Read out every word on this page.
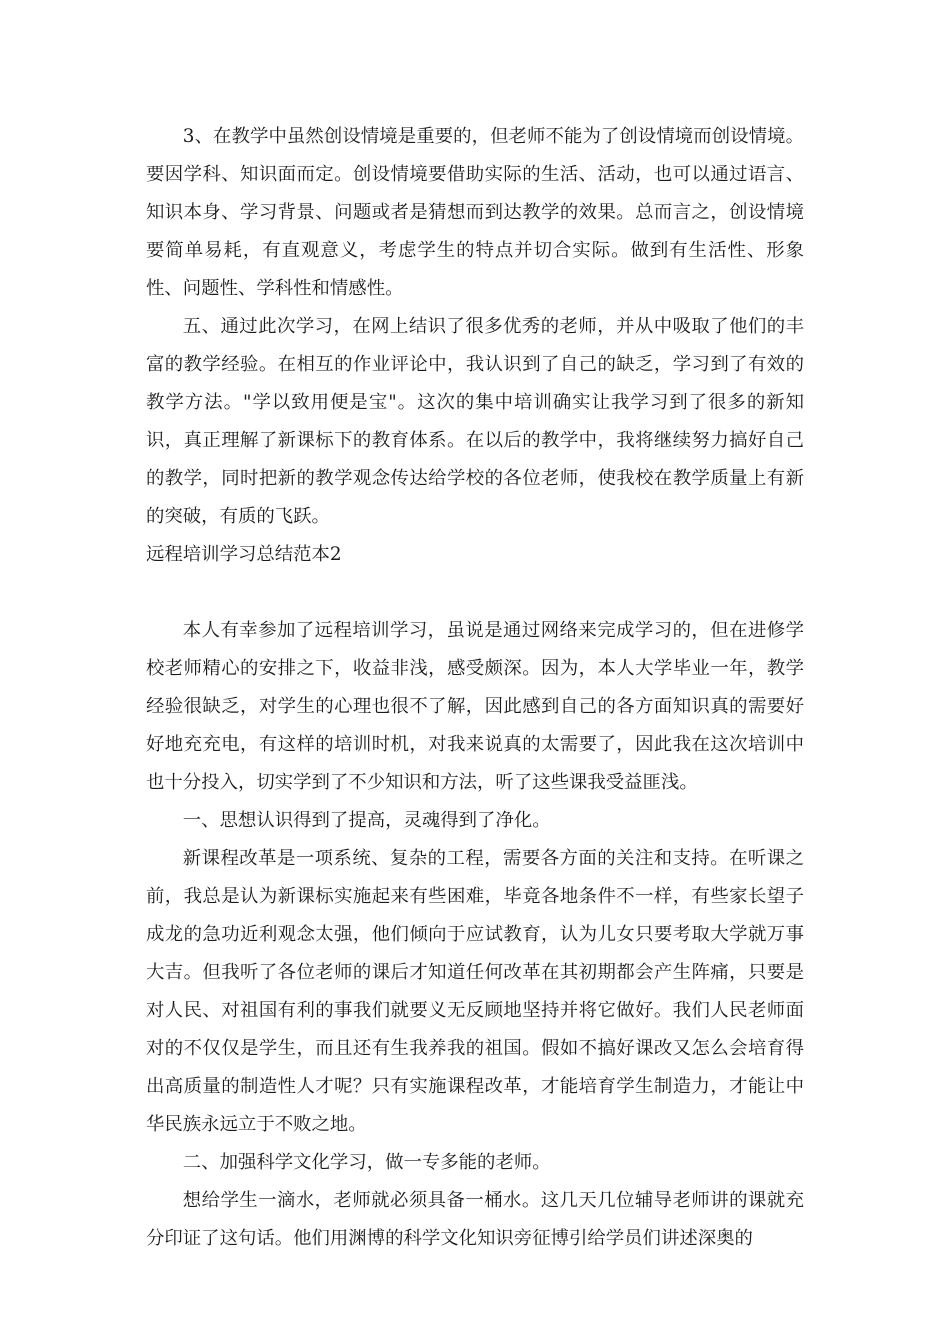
3、在教学中虽然创设情境是重要的，但老师不能为了创设情境而创设情境。要因学科、知识面而定。创设情境要借助实际的生活、活动，也可以通过语言、知识本身、学习背景、问题或者是猜想而到达教学的效果。总而言之，创设情境要简单易耗，有直观意义，考虑学生的特点并切合实际。做到有生活性、形象性、问题性、学科性和情感性。

五、通过此次学习，在网上结识了很多优秀的老师，并从中吸取了他们的丰富的教学经验。在相互的作业评论中，我认识到了自己的缺乏，学习到了有效的教学方法。"学以致用便是宝"。这次的集中培训确实让我学习到了很多的新知识，真正理解了新课标下的教育体系。在以后的教学中，我将继续努力搞好自己的教学，同时把新的教学观念传达给学校的各位老师，使我校在教学质量上有新的突破，有质的飞跃。

远程培训学习总结范本2

本人有幸参加了远程培训学习，虽说是通过网络来完成学习的，但在进修学校老师精心的安排之下，收益非浅，感受颇深。因为，本人大学毕业一年，教学经验很缺乏，对学生的心理也很不了解，因此感到自己的各方面知识真的需要好好地充充电，有这样的培训时机，对我来说真的太需要了，因此我在这次培训中也十分投入，切实学到了不少知识和方法，听了这些课我受益匪浅。

一、思想认识得到了提高，灵魂得到了净化。

新课程改革是一项系统、复杂的工程，需要各方面的关注和支持。在听课之前，我总是认为新课标实施起来有些困难，毕竟各地条件不一样，有些家长望子成龙的急功近利观念太强，他们倾向于应试教育，认为儿女只要考取大学就万事大吉。但我听了各位老师的课后才知道任何改革在其初期都会产生阵痛，只要是对人民、对祖国有利的事我们就要义无反顾地坚持并将它做好。我们人民老师面对的不仅仅是学生，而且还有生我养我的祖国。假如不搞好课改又怎么会培育得出高质量的制造性人才呢？只有实施课程改革，才能培育学生制造力，才能让中华民族永远立于不败之地。

二、加强科学文化学习，做一专多能的老师。

想给学生一滴水，老师就必须具备一桶水。这几天几位辅导老师讲的课就充分印证了这句话。他们用渊博的科学文化知识旁征博引给学员们讲述深奥的
